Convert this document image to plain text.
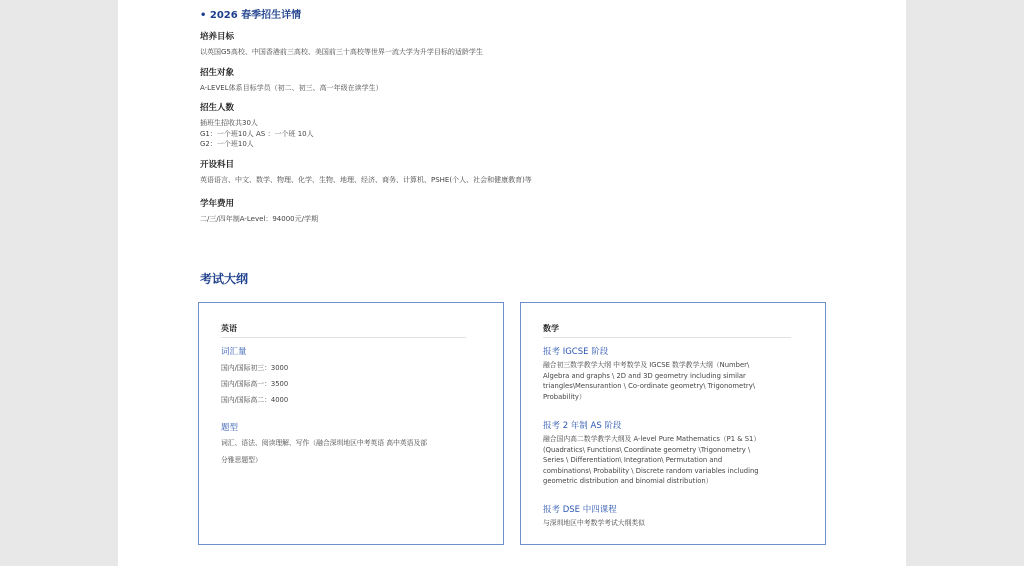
• 2026 春季招生详情
培养目标
以英国G5高校、中国香港前三高校、美国前三十高校等世界一流大学为升学目标的适龄学生
招生对象
A-LEVEL体系目标学员（初二、初三、高一年级在读学生）
招生人数
插班生招收共30人
G1：一个班10人 AS ：一个班 10人
G2：一个班10人
开设科目
英语语言、中文、数学、物理、化学、生物、地理、经济、商务、计算机、PSHE(个人、社会和健康教育)等
学年费用
二/三/四年制A-Level：94000元/学期
考试大纲
英语
词汇量
国内/国际初三：3000
国内/国际高一：3500
国内/国际高二：4000
题型
词汇、语法、阅读理解、写作（融合深圳地区中考英语 高中英语及部
分雅思题型）
数学
报考 IGCSE 阶段
融合初三数学教学大纲 中考数学及 IGCSE 数学教学大纲（Number\
Algebra and graphs \ 2D and 3D geometry including similar
triangles\Mensurantion \ Co-ordinate geometry\ Trigonometry\
Probability）
报考 2 年制 AS 阶段
融合国内高二数学教学大纲及 A-level Pure Mathematics（P1 & S1）
(Quadratics\ Functions\ Coordinate geometry \Trigonometry \
Series \ Differentiation\ Integration\ Permutation and
combinations\ Probability \ Discrete random variables including
geometric distribution and binomial distribution）
报考 DSE 中四课程
与深圳地区中考数学考试大纲类似
